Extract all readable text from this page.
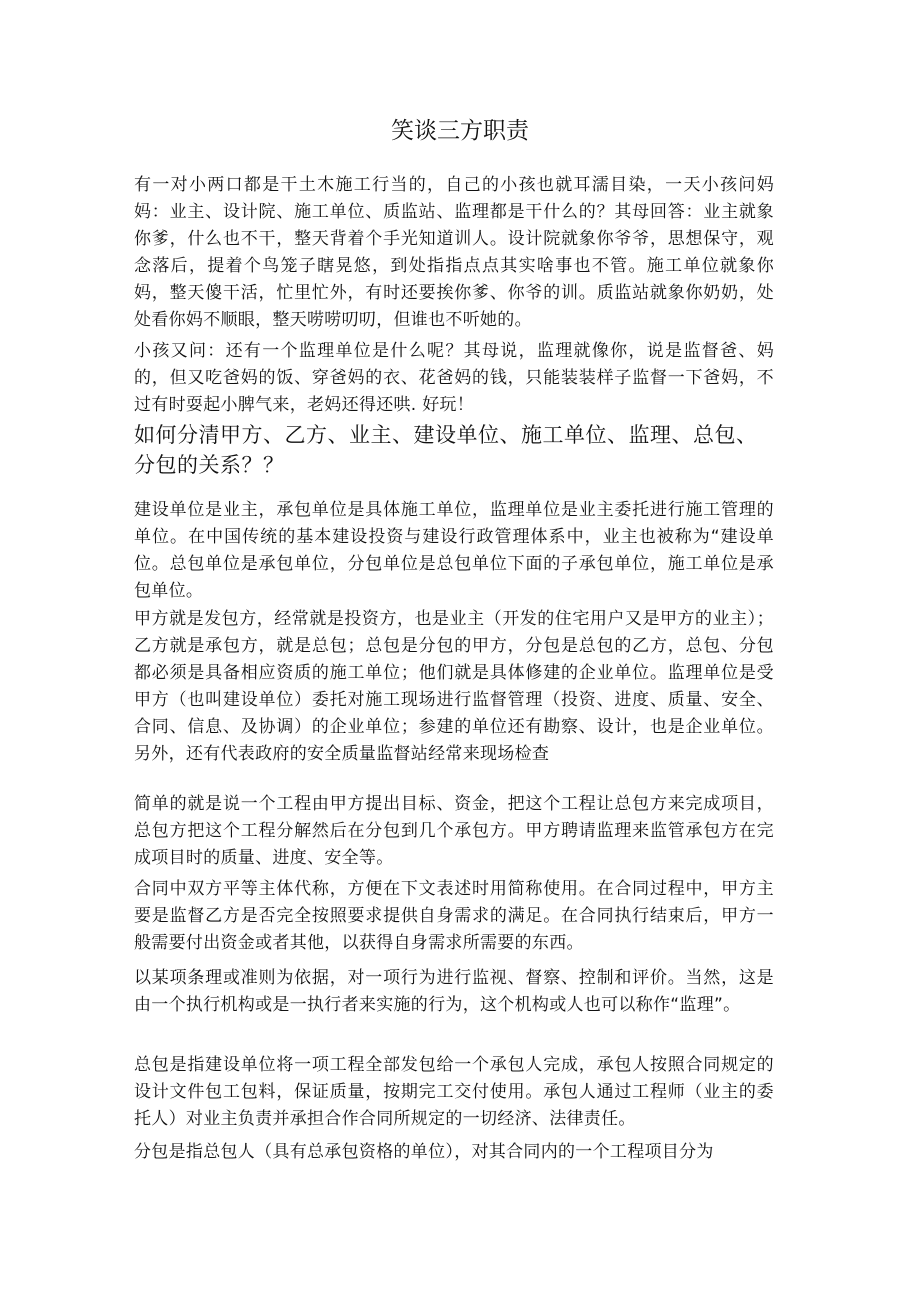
笑谈三方职责

有一对小两口都是干土木施工行当的，自己的小孩也就耳濡目染，一天小孩问妈妈：业主、设计院、施工单位、质监站、监理都是干什么的？其母回答：业主就象你爹，什么也不干，整天背着个手光知道训人。设计院就象你爷爷，思想保守，观念落后，提着个鸟笼子瞎晃悠，到处指指点点其实啥事也不管。施工单位就象你妈，整天傻干活，忙里忙外，有时还要挨你爹、你爷的训。质监站就象你奶奶，处处看你妈不顺眼，整天唠唠叨叨，但谁也不听她的。

小孩又问：还有一个监理单位是什么呢？其母说，监理就像你，说是监督爸、妈的，但又吃爸妈的饭、穿爸妈的衣、花爸妈的钱，只能装装样子监督一下爸妈，不过有时耍起小脾气来，老妈还得还哄. 好玩！

如何分清甲方、乙方、业主、建设单位、施工单位、监理、总包、分包的关系？？

建设单位是业主，承包单位是具体施工单位，监理单位是业主委托进行施工管理的单位。在中国传统的基本建设投资与建设行政管理体系中，业主也被称为“建设单位。总包单位是承包单位，分包单位是总包单位下面的子承包单位，施工单位是承包单位。

甲方就是发包方，经常就是投资方，也是业主（开发的住宅用户又是甲方的业主）；乙方就是承包方，就是总包；总包是分包的甲方，分包是总包的乙方，总包、分包都必须是具备相应资质的施工单位；他们就是具体修建的企业单位。监理单位是受甲方（也叫建设单位）委托对施工现场进行监督管理（投资、进度、质量、安全、合同、信息、及协调）的企业单位；参建的单位还有勘察、设计，也是企业单位。另外，还有代表政府的安全质量监督站经常来现场检查

简单的就是说一个工程由甲方提出目标、资金，把这个工程让总包方来完成项目，总包方把这个工程分解然后在分包到几个承包方。甲方聘请监理来监管承包方在完成项目时的质量、进度、安全等。

合同中双方平等主体代称，方便在下文表述时用简称使用。在合同过程中，甲方主要是监督乙方是否完全按照要求提供自身需求的满足。在合同执行结束后，甲方一般需要付出资金或者其他，以获得自身需求所需要的东西。

以某项条理或准则为依据，对一项行为进行监视、督察、控制和评价。当然，这是由一个执行机构或是一执行者来实施的行为，这个机构或人也可以称作“监理”。

总包是指建设单位将一项工程全部发包给一个承包人完成，承包人按照合同规定的设计文件包工包料，保证质量，按期完工交付使用。承包人通过工程师（业主的委托人）对业主负责并承担合作合同所规定的一切经济、法律责任。

分包是指总包人（具有总承包资格的单位），对其合同内的一个工程项目分为
